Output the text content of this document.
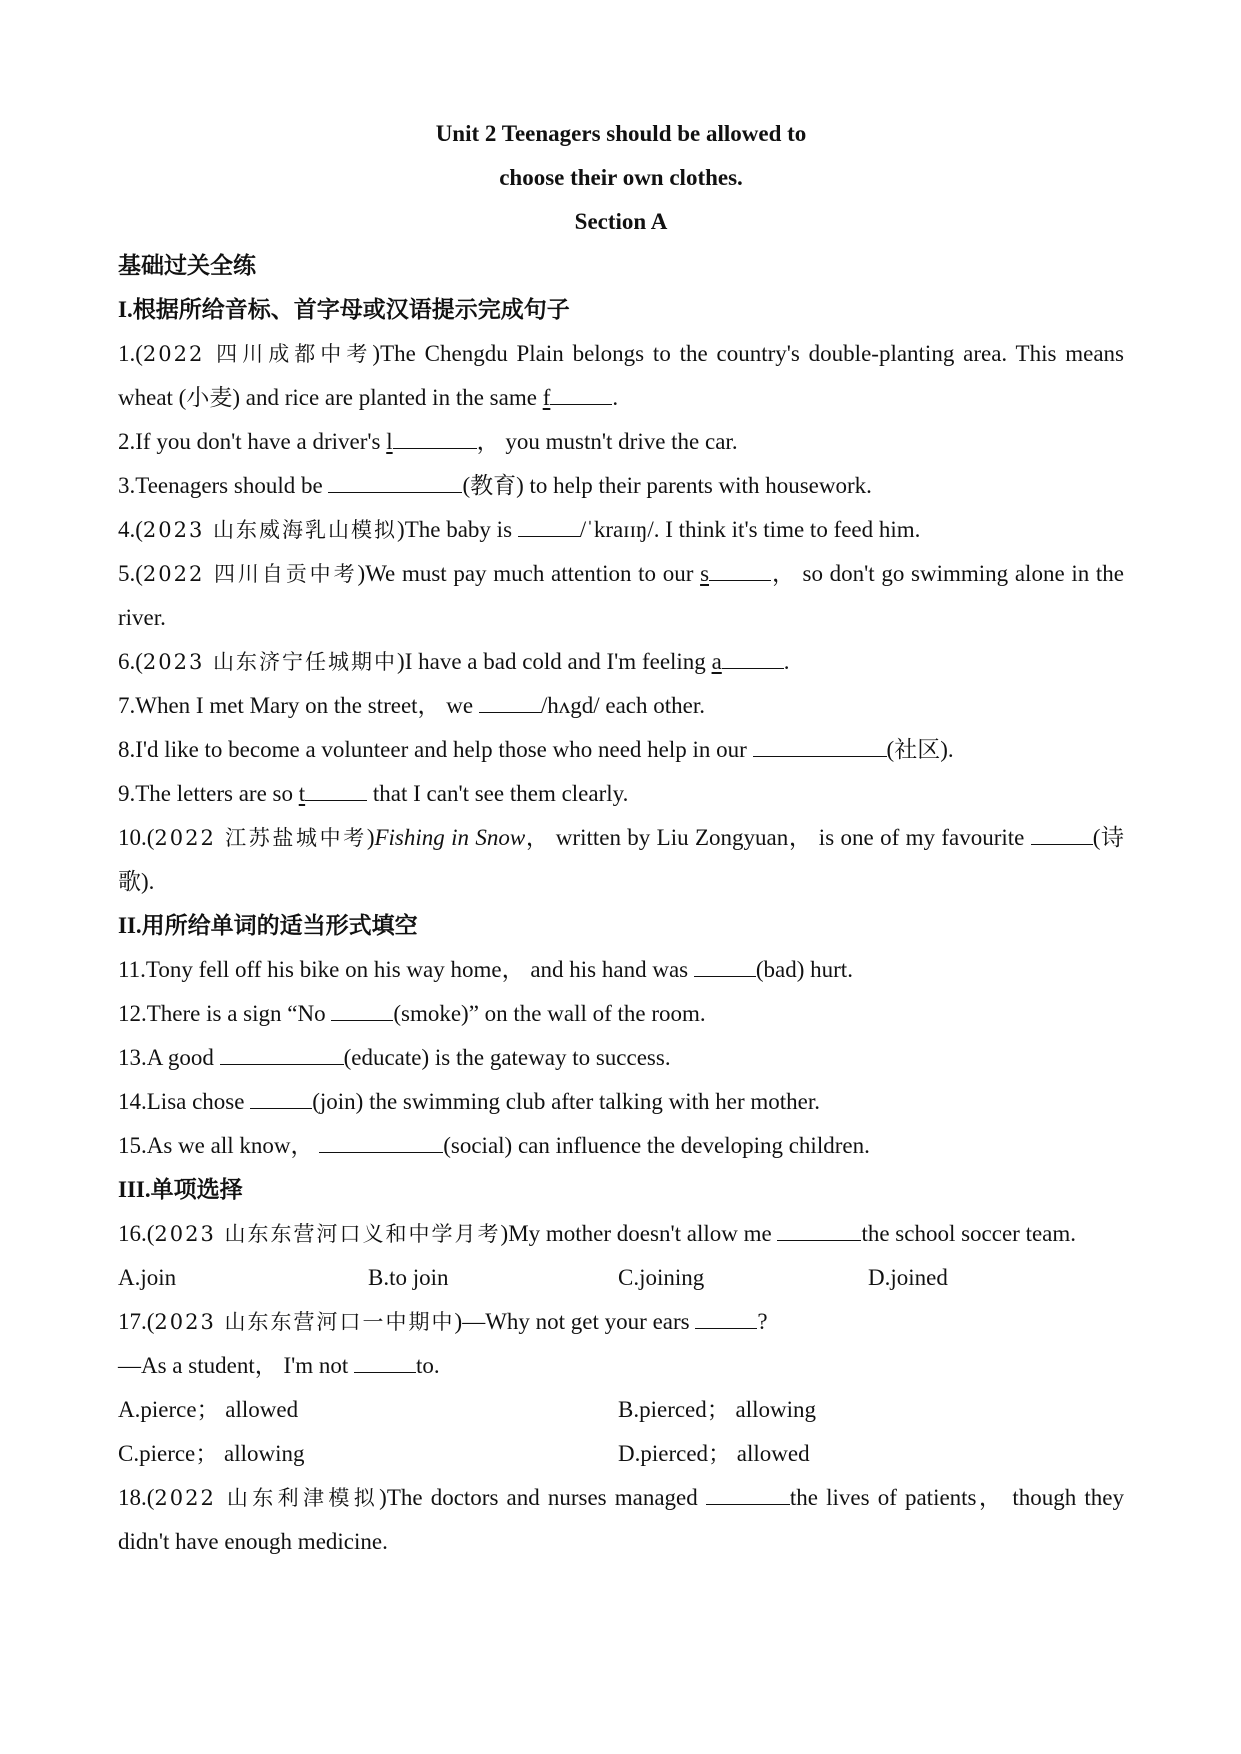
Unit 2 Teenagers should be allowed to

choose their own clothes.

Section A

基础过关全练

I.根据所给音标、首字母或汉语提示完成句子

1.(2022 四川成都中考)The Chengdu Plain belongs to the country's double-planting area. This means wheat (小麦) and rice are planted in the same f	.

2.If you don't have a driver's l	， you mustn't drive the car.

3.Teenagers should be	(教育) to help their parents with housework.

4.(2023 山东威海乳山模拟)The baby is	/ˈkraɪɪŋ/. I think it's time to feed him.

5.(2022 四川自贡中考)We must pay much attention to our s	， so don't go swimming alone in the river.

6.(2023 山东济宁任城期中)I have a bad cold and I'm feeling a	.

7.When I met Mary on the street， we	/hʌgd/ each other.

8.I'd like to become a volunteer and help those who need help in our	(社区).

9.The letters are so t	that I can't see them clearly.

10.(2022 江苏盐城中考)Fishing in Snow， written by Liu Zongyuan， is one of my favourite	(诗歌).

II.用所给单词的适当形式填空

11.Tony fell off his bike on his way home， and his hand was	(bad) hurt.

12.There is a sign “No	(smoke)” on the wall of the room.

13.A good	(educate) is the gateway to success.

14.Lisa chose	(join) the swimming club after talking with her mother.

15.As we all know，	(social) can influence the developing children.

III.单项选择

16.(2023 山东东营河口义和中学月考)My mother doesn't allow me	the school soccer team.

A.join	B.to join	C.joining	D.joined

17.(2023 山东东营河口一中期中)—Why not get your ears	?

—As a student， I'm not	to.

A.pierce； allowed	B.pierced； allowing
C.pierce； allowing	D.pierced； allowed

18.(2022 山东利津模拟)The doctors and nurses managed	the lives of patients， though they didn't have enough medicine.
